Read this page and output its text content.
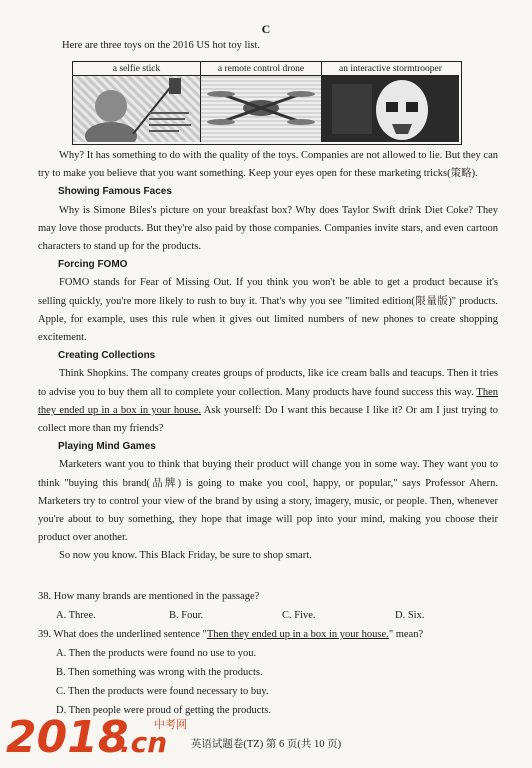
C
Here are three toys on the 2016 US hot toy list.
a selfie stick	a remote control drone	an interactive stormtrooper

Why? It has something to do with the quality of the toys. Companies are not allowed to lie. But they can try to make you believe that you want something. Keep your eyes open for these marketing tricks(策略).

Showing Famous Faces

Why is Simone Biles's picture on your breakfast box? Why does Taylor Swift drink Diet Coke? They may love those products. But they're also paid by those companies. Companies invite stars, and even cartoon characters to stand up for the products.

Forcing FOMO

FOMO stands for Fear of Missing Out. If you think you won't be able to get a product because it's selling quickly, you're more likely to rush to buy it. That's why you see "limited edition(限量版)" products. Apple, for example, uses this rule when it gives out limited numbers of new phones to create shopping excitement.

Creating Collections

Think Shopkins. The company creates groups of products, like ice cream balls and teacups. Then it tries to advise you to buy them all to complete your collection. Many products have found success this way. Then they ended up in a box in your house. Ask yourself: Do I want this because I like it? Or am I just trying to collect more than my friends?

Playing Mind Games

Marketers want you to think that buying their product will change you in some way. They want you to think "buying this brand(品牌) is going to make you cool, happy, or popular," says Professor Ahern. Marketers try to control your view of the brand by using a story, imagery, music, or people. Then, whenever you're about to buy something, they hope that image will pop into your mind, making you choose their product over another.

So now you know. This Black Friday, be sure to shop smart.

38. How many brands are mentioned in the passage?
A. Three.	B. Four.	C. Five.	D. Six.
39. What does the underlined sentence "Then they ended up in a box in your house." mean?
A. Then the products were found no use to you.
B. Then something was wrong with the products.
C. Then the products were found necessary to buy.
D. Then people were proud of getting the products.
英语试题卷(TZ) 第 6 页(共 10 页)
2018
.cn
中考网
